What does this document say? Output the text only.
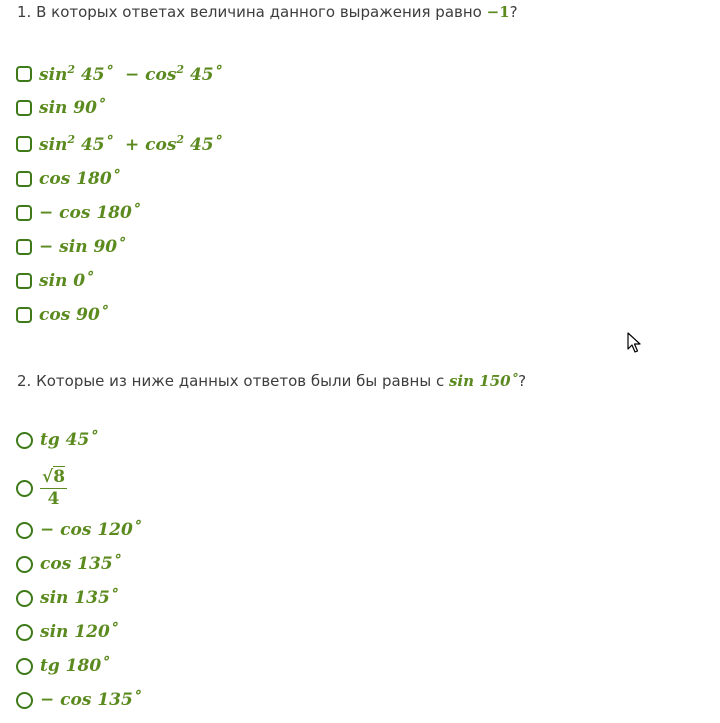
1. В которых ответах величина данного выражения равно −1?
$\sin^2$ 45˚  − $\cos^2$ 45˚
sin 90˚
$\sin^2$ 45˚  + $\cos^2$ 45˚
cos 180˚
− cos 180˚
− sin 90˚
sin 0˚
cos 90˚
2. Которые из ниже данных ответов были бы равны с sin 150˚?
tg 45˚
$\frac{√8}{4}$
− cos 120˚
cos 135˚
sin 135˚
sin 120˚
tg 180˚
− cos 135˚
